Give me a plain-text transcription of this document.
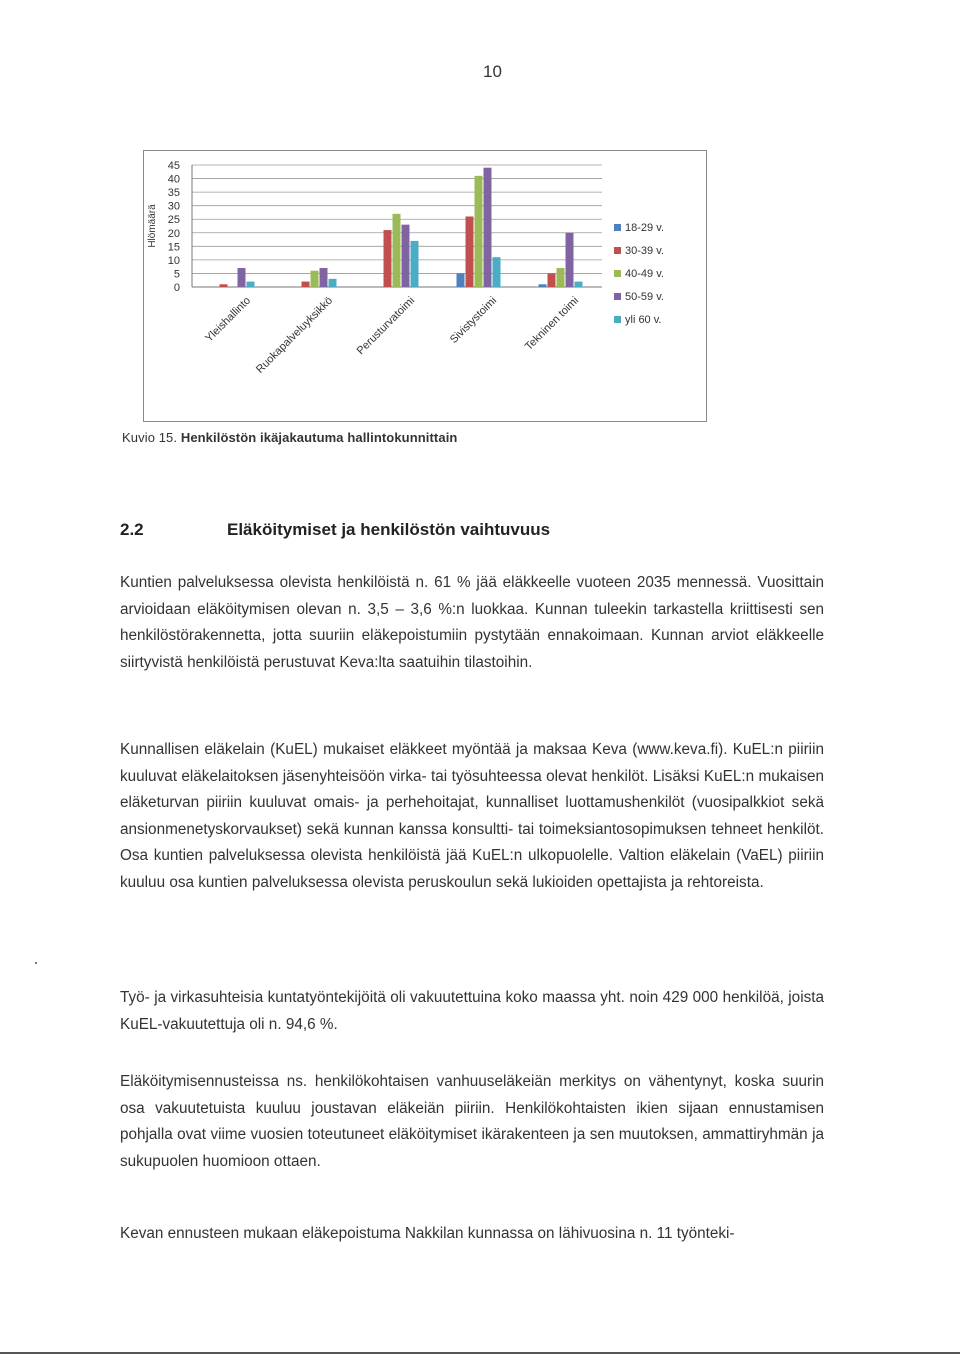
10
0
5
10
15
20
25
30
35
40
45
Hlömäärä
Yleishallinto Ruokapalveluyksikkö Perusturvatoimi	Sivistystoimi Tekninen toimi
18-29 v.
30-39 v.
40-49 v.
50-59 v.
yli 60 v.
Kuvio 15. Henkilöstön ikäjakautuma hallintokunnittain
2.2	Eläköitymiset ja henkilöstön vaihtuvuus

Kuntien palveluksessa olevista henkilöistä n. 61 % jää eläkkeelle vuoteen 2035 mennessä. Vuosittain arvioidaan eläköitymisen olevan n. 3,5 – 3,6 %:n luokkaa. Kunnan tuleekin tarkastella kriittisesti sen henkilöstörakennetta, jotta suuriin eläkepoistumiin pystytään ennakoimaan. Kunnan arviot eläkkeelle siirtyvistä henkilöistä perustuvat Keva:lta saatuihin tilastoihin.

Kunnallisen eläkelain (KuEL) mukaiset eläkkeet myöntää ja maksaa Keva (www.keva.fi). KuEL:n piiriin kuuluvat eläkelaitoksen jäsenyhteisöön virka- tai työsuhteessa olevat henkilöt. Lisäksi KuEL:n mukaisen eläketurvan piiriin kuuluvat omais- ja perhehoitajat, kunnalliset luottamushenkilöt (vuosipalkkiot sekä ansionmenetyskorvaukset) sekä kunnan kanssa konsultti- tai toimeksiantosopimuksen tehneet henkilöt. Osa kuntien palveluksessa olevista henkilöistä jää KuEL:n ulkopuolelle. Valtion eläkelain (VaEL) piiriin kuuluu osa kuntien palveluksessa olevista peruskoulun sekä lukioiden opettajista ja rehtoreista.

Työ- ja virkasuhteisia kuntatyöntekijöitä oli vakuutettuina koko maassa yht. noin 429 000 henkilöä, joista KuEL-vakuutettuja oli n. 94,6 %.

Eläköitymisennusteissa ns. henkilökohtaisen vanhuuseläkeiän merkitys on vähentynyt, koska suurin osa vakuutetuista kuuluu joustavan eläkeiän piiriin. Henkilökohtaisten ikien sijaan ennustamisen pohjalla ovat viime vuosien toteutuneet eläköitymiset ikärakenteen ja sen muutoksen, ammattiryhmän ja sukupuolen huomioon ottaen.

Kevan ennusteen mukaan eläkepoistuma Nakkilan kunnassa on lähivuosina n. 11 työnteki-
